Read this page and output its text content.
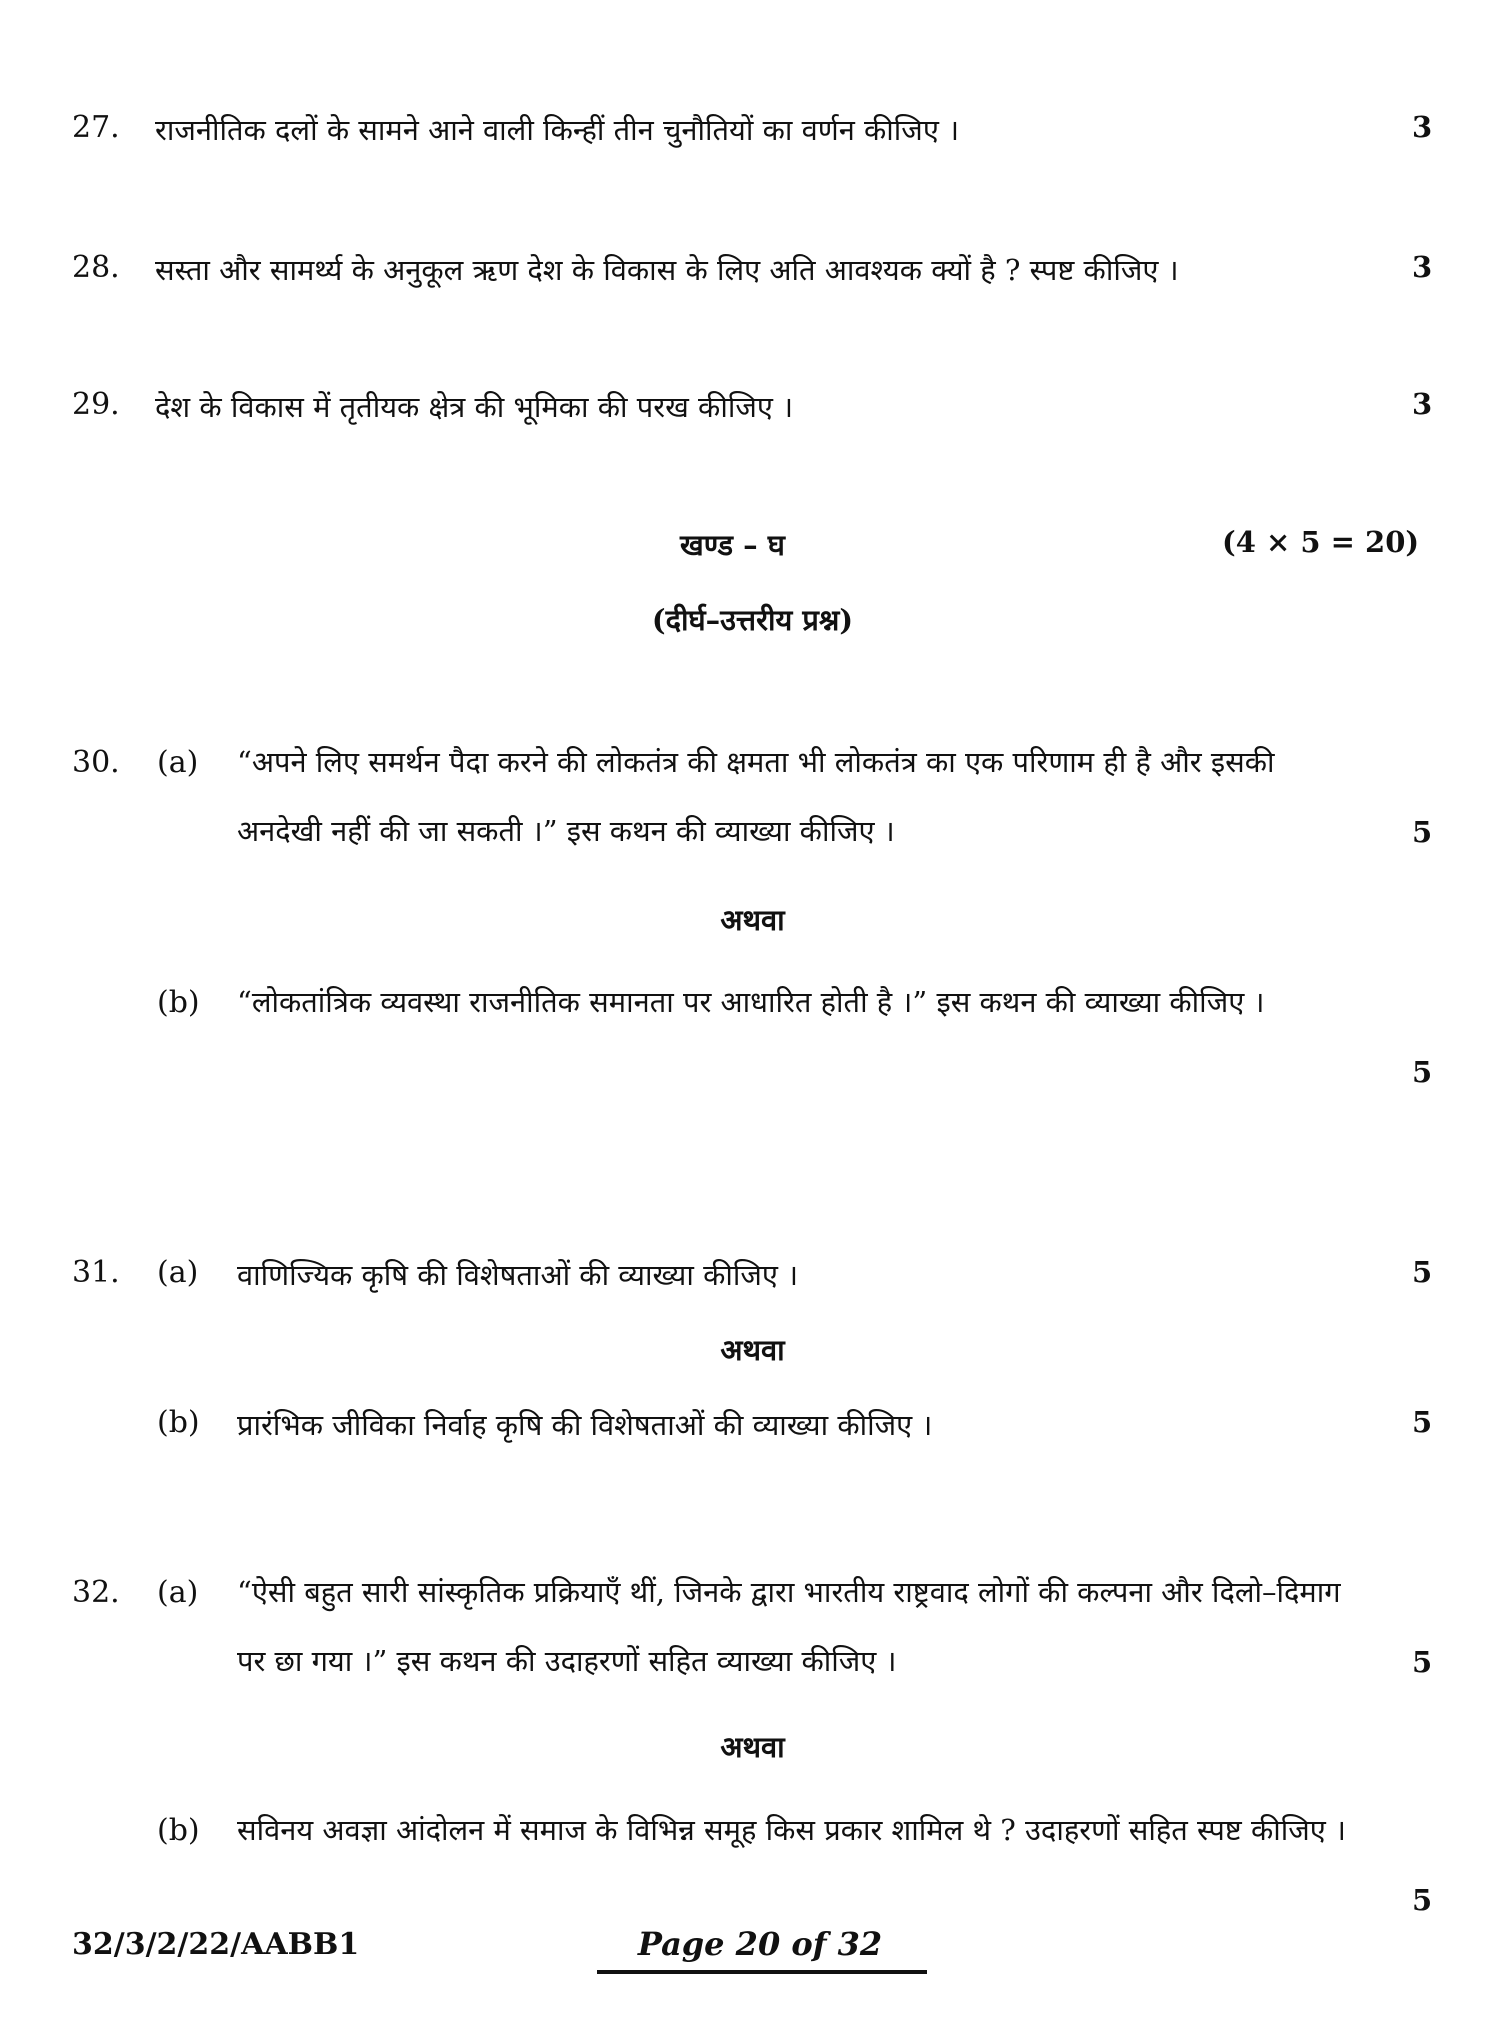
27. राजनीतिक दलों के सामने आने वाली किन्हीं तीन चुनौतियों का वर्णन कीजिए ।	3
28. सस्ता और सामर्थ्य के अनुकूल ऋण देश के विकास के लिए अति आवश्यक क्यों है ? स्पष्ट कीजिए ।	3
29. देश के विकास में तृतीयक क्षेत्र की भूमिका की परख कीजिए ।	3
खण्ड – घ	(4 × 5 = 20)
(दीर्घ–उत्तरीय प्रश्न)
30. (a) “अपने लिए समर्थन पैदा करने की लोकतंत्र की क्षमता भी लोकतंत्र का एक परिणाम ही है और इसकी अनदेखी नहीं की जा सकती ।” इस कथन की व्याख्या कीजिए ।	5
अथवा
(b) “लोकतांत्रिक व्यवस्था राजनीतिक समानता पर आधारित होती है ।” इस कथन की व्याख्या कीजिए ।
5
31. (a) वाणिज्यिक कृषि की विशेषताओं की व्याख्या कीजिए ।	5
अथवा
(b) प्रारंभिक जीविका निर्वाह कृषि की विशेषताओं की व्याख्या कीजिए ।	5
32. (a) “ऐसी बहुत सारी सांस्कृतिक प्रक्रियाएँ थीं, जिनके द्वारा भारतीय राष्ट्रवाद लोगों की कल्पना और दिलो–दिमाग पर छा गया ।” इस कथन की उदाहरणों सहित व्याख्या कीजिए ।	5
अथवा
(b) सविनय अवज्ञा आंदोलन में समाज के विभिन्न समूह किस प्रकार शामिल थे ? उदाहरणों सहित स्पष्ट कीजिए ।
5
32/3/2/22/AABB1	Page 20 of 32
